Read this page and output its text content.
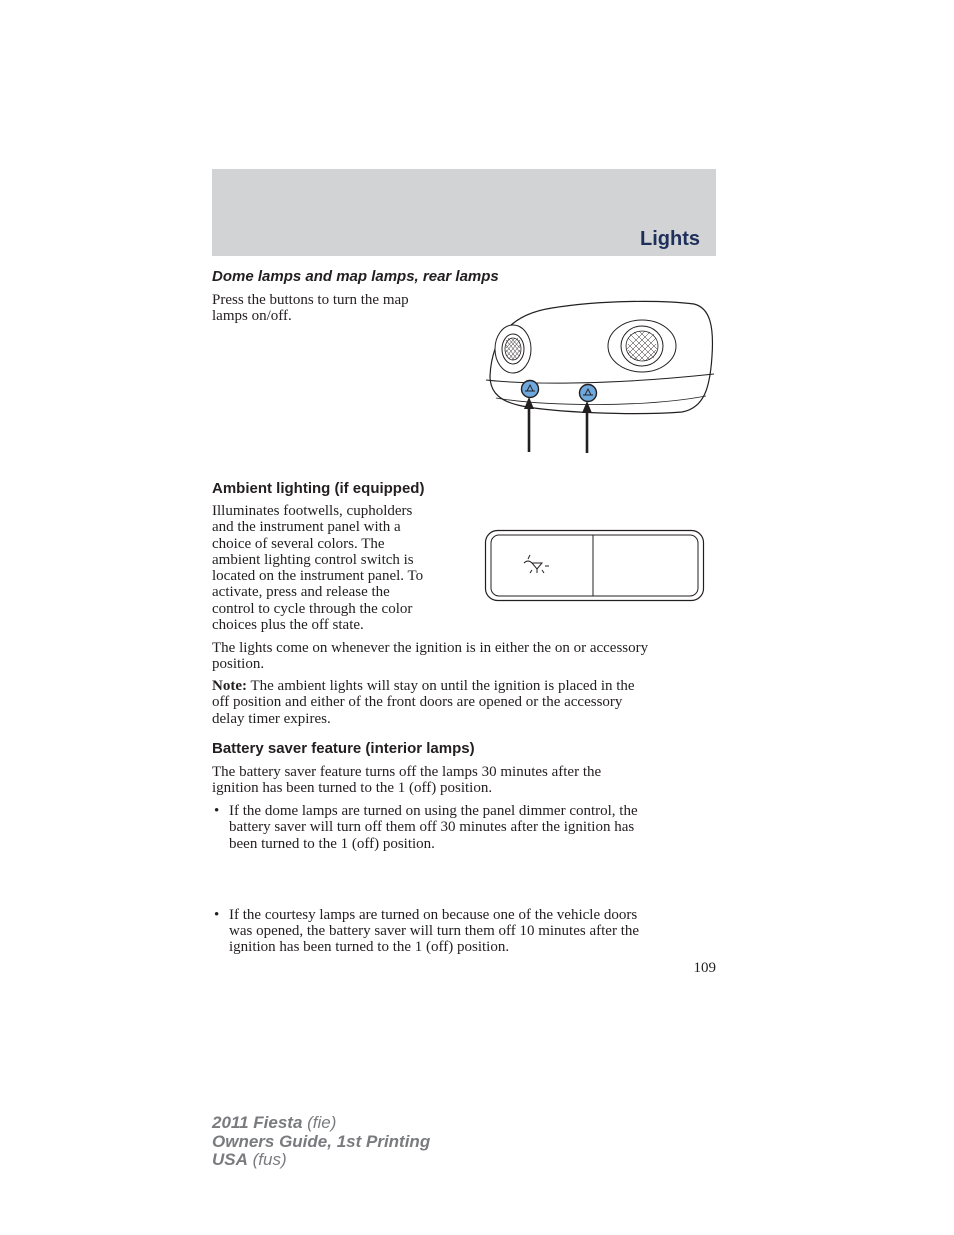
Lights
Dome lamps and map lamps, rear lamps

Press the buttons to turn the map

lamps on/off.

Ambient lighting (if equipped)

Illuminates footwells, cupholders

and the instrument panel with a

choice of several colors. The

ambient lighting control switch is

located on the instrument panel. To

activate, press and release the

control to cycle through the color

choices plus the off state.

The lights come on whenever the ignition is in either the on or accessory

position.

Note: The ambient lights will stay on until the ignition is placed in the

off position and either of the front doors are opened or the accessory

delay timer expires.

Battery saver feature (interior lamps)

The battery saver feature turns off the lamps 30 minutes after the

ignition has been turned to the 1 (off) position.

• If the dome lamps are turned on using the panel dimmer control, the

battery saver will turn off them off 30 minutes after the ignition has

been turned to the 1 (off) position.

• If the courtesy lamps are turned on because one of the vehicle doors

was opened, the battery saver will turn them off 10 minutes after the

ignition has been turned to the 1 (off) position.

109
2011 Fiesta (fie)
Owners Guide, 1st Printing
USA (fus)
